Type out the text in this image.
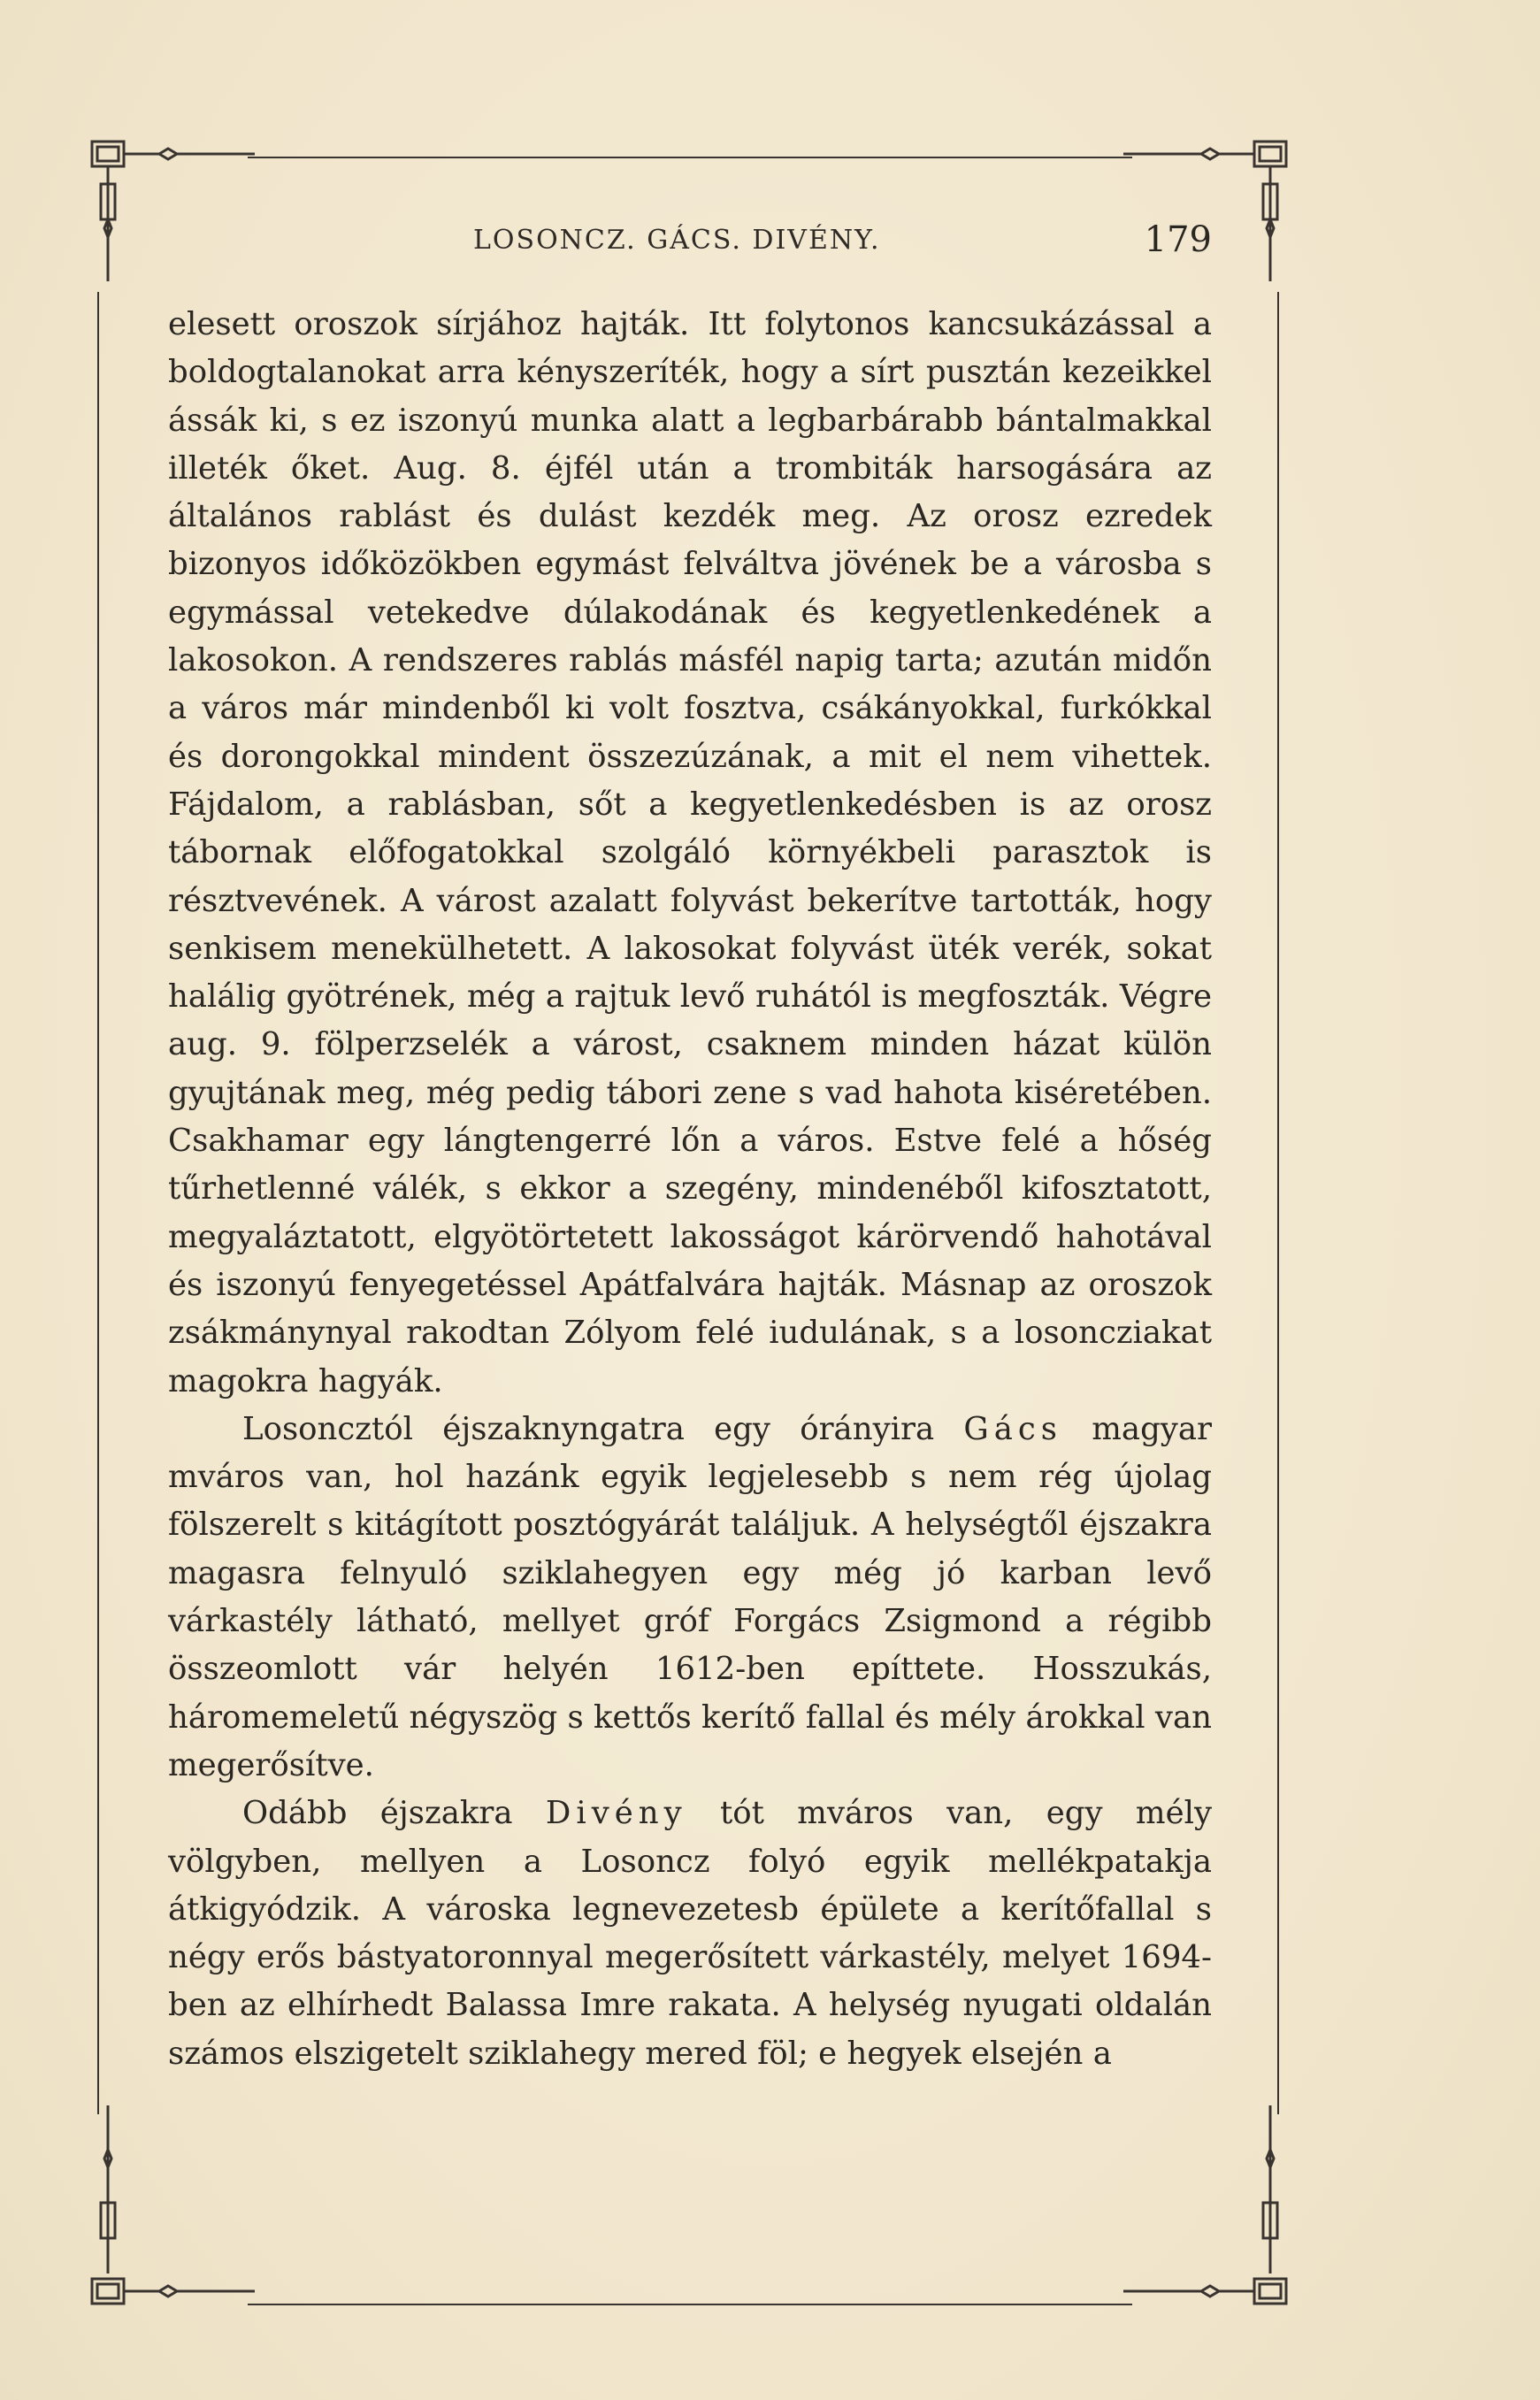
LOSONCZ. GÁCS. DIVÉNY.	179

elesett oroszok sírjához hajták. Itt folytonos kancsukázással a boldogtalanokat arra kényszeríték, hogy a sírt pusztán kezeikkel ássák ki, s ez iszonyú munka alatt a legbarbárabb bántalmakkal illeték őket. Aug. 8. éjfél után a trombiták harsogására az általános rablást és dulást kezdék meg. Az orosz ezredek bizonyos időközökben egymást felváltva jövének be a városba s egymással vetekedve dúlakodának és kegyetlenkedének a lakosokon. A rendszeres rablás másfél napig tarta; azután midőn a város már mindenből ki volt fosztva, csákányokkal, furkókkal és dorongokkal mindent összezúzának, a mit el nem vihettek. Fájdalom, a rablásban, sőt a kegyetlenkedésben is az orosz tábornak előfogatokkal szolgáló környékbeli parasztok is résztvevének. A várost azalatt folyvást bekerítve tartották, hogy senkisem menekülhetett. A lakosokat folyvást üték verék, sokat halálig gyötrének, még a rajtuk levő ruhától is megfoszták. Végre aug. 9. fölperzselék a várost, csaknem minden házat külön gyujtának meg, még pedig tábori zene s vad hahota kiséretében. Csakhamar egy lángtengerré lőn a város. Estve felé a hőség tűrhetlenné válék, s ekkor a szegény, mindenéből kifosztatott, megyaláztatott, elgyötörtetett lakosságot kárörvendő hahotával és iszonyú fenyegetéssel Apátfalvára hajták. Másnap az oroszok zsákmánynyal rakodtan Zólyom felé iudulának, s a losoncziakat magokra hagyák.

Losoncztól éjszaknyngatra egy órányira Gács magyar mváros van, hol hazánk egyik legjelesebb s nem rég újolag fölszerelt s kitágított posztógyárát találjuk. A helységtől éjszakra magasra felnyuló sziklahegyen egy még jó karban levő várkastély látható, mellyet gróf Forgács Zsigmond a régibb összeomlott vár helyén 1612-ben epíttete. Hosszukás, háromemeletű négyszög s kettős kerítő fallal és mély árokkal van megerősítve.

Odább éjszakra Divény tót mváros van, egy mély völgyben, mellyen a Losoncz folyó egyik mellékpatakja átkigyódzik. A városka legnevezetesb épülete a kerítőfallal s négy erős bástyatoronnyal megerősített várkastély, melyet 1694-ben az elhírhedt Balassa Imre rakata. A helység nyugati oldalán számos elszigetelt sziklahegy mered föl; e hegyek elsején a
